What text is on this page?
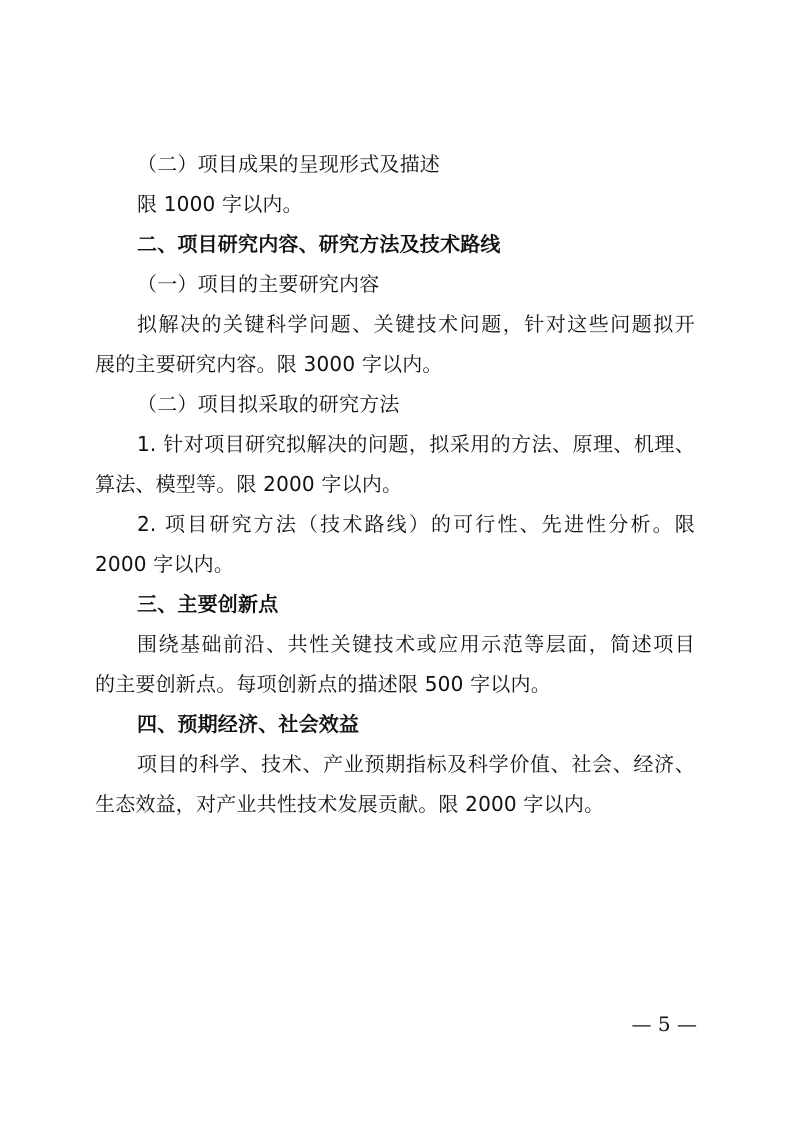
（二）项目成果的呈现形式及描述
限 1000 字以内。
二、项目研究内容、研究方法及技术路线
（一）项目的主要研究内容
拟解决的关键科学问题、关键技术问题，针对这些问题拟开
展的主要研究内容。限 3000 字以内。
（二）项目拟采取的研究方法
1. 针对项目研究拟解决的问题，拟采用的方法、原理、机理、
算法、模型等。限 2000 字以内。
2. 项目研究方法（技术路线）的可行性、先进性分析。限
2000 字以内。
三、主要创新点
围绕基础前沿、共性关键技术或应用示范等层面，简述项目
的主要创新点。每项创新点的描述限 500 字以内。
四、预期经济、社会效益
项目的科学、技术、产业预期指标及科学价值、社会、经济、
生态效益，对产业共性技术发展贡献。限 2000 字以内。
— 5 —
